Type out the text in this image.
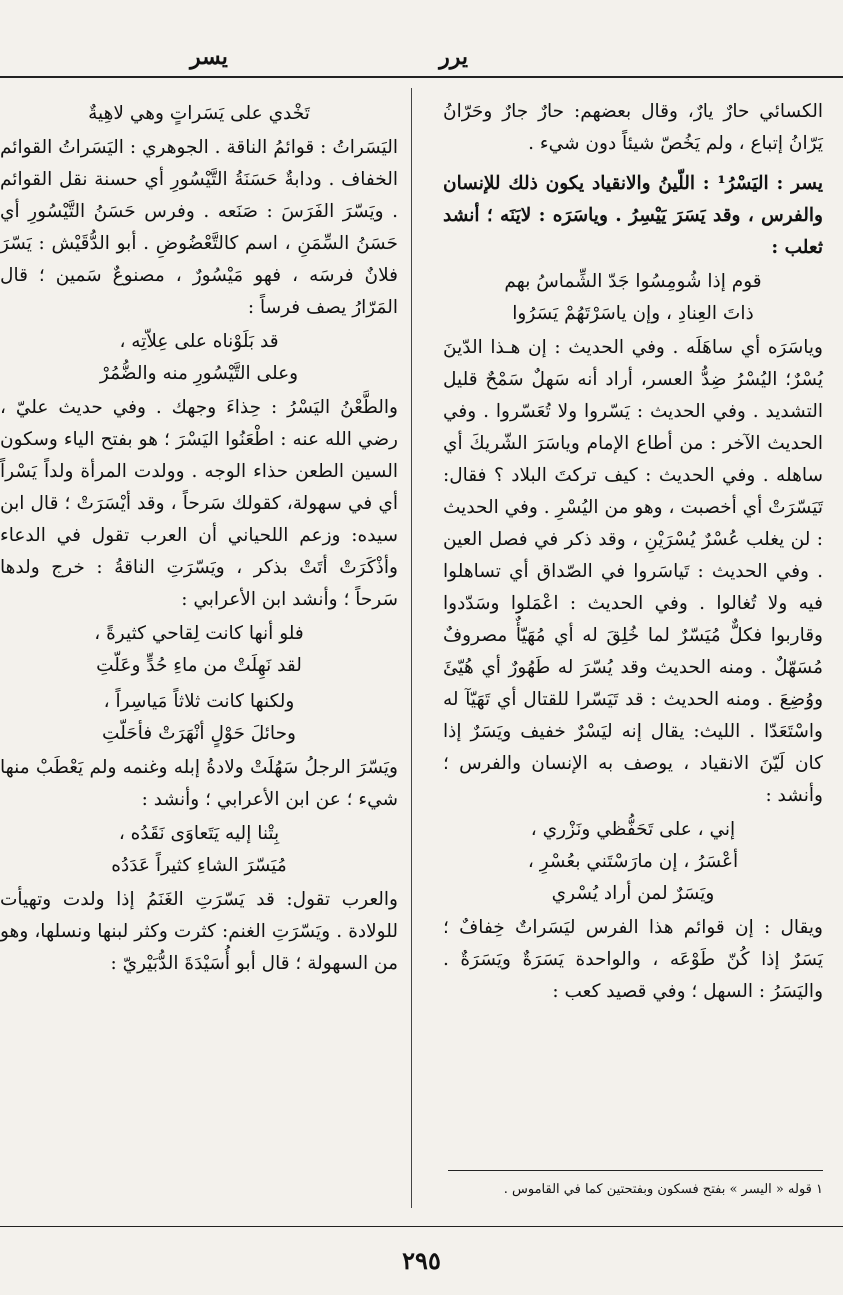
يرر
يسر

الكسائي حارٌ يارٌ، وقال بعضهم: حارٌ جارٌ وحَرّانُ يَرّانُ إتباع ، ولم يَخُصّ شيئاً دون شيء .

يسر : اليَسْرُ¹ : اللّينُ والانقياد يكون ذلك للإنسان والفرس ، وقد يَسَرَ يَيْسِرُ . وياسَرَه : لايَنَه ؛ أنشد ثعلب :

قوم إذا شُومِسُوا جَدّ الشِّماسُ بهم

ذاتَ العِنادِ ، وإن ياسَرْتَهُمْ يَسَرُوا

وياسَرَه أي ساهَلَه . وفي الحديث : إن هـذا الدّينَ يُسْرٌ؛ اليُسْرُ ضِدُّ العسر، أراد أنه سَهلٌ سَمْحٌ قليل التشديد . وفي الحديث : يَسّروا ولا تُعَسّروا . وفي الحديث الآخر : من أطاع الإمام وياسَرَ الشّريكَ أي ساهله . وفي الحديث : كيف تركتَ البلاد ؟ فقال: تَيَسّرَتْ أي أخصبت ، وهو من اليُسْرِ . وفي الحديث : لن يغلب عُسْرٌ يُسْرَيْنِ ، وقد ذكر في فصل العين . وفي الحديث : تَياسَروا في الصّداق أي تساهلوا فيه ولا تُغالوا . وفي الحديث : اعْمَلوا وسَدّدوا وقاربوا فكلٌّ مُيَسّرٌ لما خُلِقَ له أي مُهَيّأٌ مصروفٌ مُسَهّلٌ . ومنه الحديث وقد يُسّرَ له طَهُورٌ أي هُيّئَ ووُضِعَ . ومنه الحديث : قد تَيَسّرا للقتال أي تَهَيّآ له واسْتَعَدّا . الليث: يقال إنه ليَسْرٌ خفيف ويَسَرٌ إذا كان لَيّنَ الانقياد ، يوصف به الإنسان والفرس ؛ وأنشد :

إني ، على تَحَفُّظي ونَزْري ،

أعْسَرُ ، إن مارَسْتَني بعُسْرِ ،

ويَسَرٌ لمن أراد يُسْري

ويقال : إن قوائم هذا الفرس ليَسَراتٌ خِفافٌ ؛ يَسَرٌ إذا كُنّ طَوْعَه ، والواحدة يَسَرَةٌ ويَسَرَةٌ . واليَسَرُ : السهل ؛ وفي قصيد كعب :

تَخْدي على يَسَراتٍ وهي لاهِيةٌ

اليَسَراتُ : قوائمُ الناقة . الجوهري : اليَسَراتُ القوائم الخفاف . ودابةٌ حَسَنَةُ التَّيْسُورِ أي حسنة نقل القوائم . ويَسّرَ الفَرَسَ : صَنَعه . وفرس حَسَنُ التَّيْسُورِ أي حَسَنُ السِّمَنِ ، اسم كالتَّعْضُوضِ . أبو الدُّقَيْش : يَسّرَ فلانٌ فرسَه ، فهو مَيْسُورٌ ، مصنوعٌ سَمين ؛ قال المَرّارُ يصف فرساً :

قد بَلَوْناه على عِلاّتِه ،

وعلى التَّيْسُورِ منه والضُّمُرْ

والطَّعْنُ اليَسْرُ : حِذاءَ وجهك . وفي حديث عليّ ، رضي الله عنه : اطْعَنُوا اليَسْرَ ؛ هو بفتح الياء وسكون السين الطعن حذاء الوجه . وولدت المرأة ولداً يَسْراً أي في سهولة، كقولك سَرحاً ، وقد أيْسَرَتْ ؛ قال ابن سيده: وزعم اللحياني أن العرب تقول في الدعاء وأذْكَرَتْ أتَتْ بذكر ، ويَسّرَتِ الناقةُ : خرج ولدها سَرحاً ؛ وأنشد ابن الأعرابي :

فلو أنها كانت لِقاحي كثيرةً ،

لقد نَهِلَتْ من ماءِ حُدٍّ وعَلّتِ

ولكنها كانت ثلاثاً مَياسِراً ،

وحائلَ حَوْلٍ أنْهَرَتْ فأحَلّتِ

ويَسّرَ الرجلُ سَهُلَتْ ولادةُ إبله وغنمه ولم يَعْطَبْ منها شيء ؛ عن ابن الأعرابي ؛ وأنشد :

بِتْنا إليه يَتَعاوَى نَقَدُه ،

مُيَسّرَ الشاءِ كثيراً عَدَدُه

والعرب تقول: قد يَسّرَتِ الغَنَمُ إذا ولدت وتهيأت للولادة . ويَسّرَتِ الغنم: كثرت وكثر لبنها ونسلها، وهو من السهولة ؛ قال أبو أُسَيْدَةَ الدُّبَيْريّ :

١ قوله « اليسر » بفتح فسكون وبفتحتين كما في القاموس .
٢٩٥
